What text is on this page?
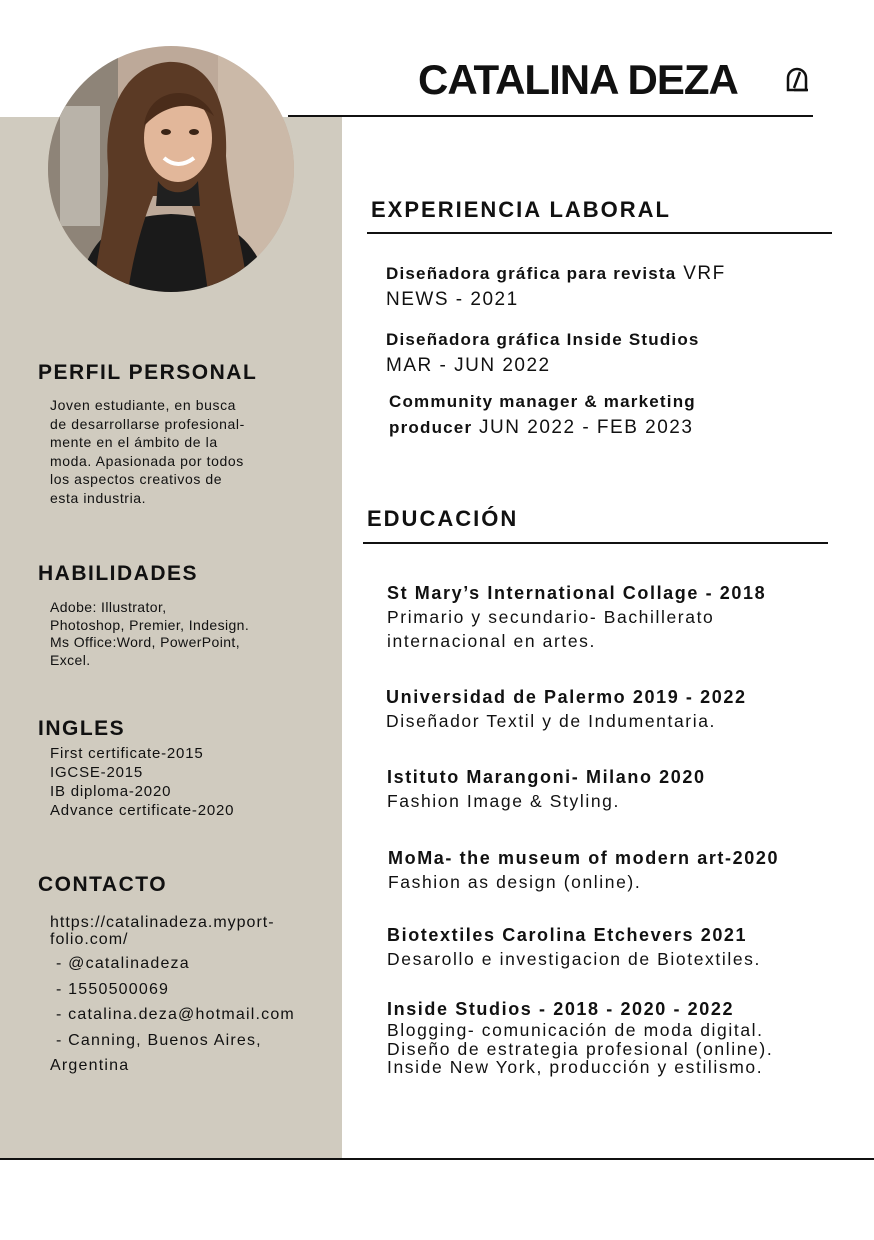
CATALINA DEZA
PERFIL PERSONAL
Joven estudiante, en busca
de desarrollarse profesional-
mente en el ámbito de la
moda. Apasionada por todos
los aspectos creativos de
esta industria.
HABILIDADES
Adobe: Illustrator,
Photoshop, Premier, Indesign.
Ms Office:Word, PowerPoint,
Excel.
INGLES
First certificate-2015
IGCSE-2015
IB diploma-2020
Advance certificate-2020
CONTACTO
https://catalinadeza.myport-
folio.com/
- @catalinadeza
- 1550500069
- catalina.deza@hotmail.com
- Canning, Buenos Aires,
Argentina
EXPERIENCIA LABORAL
Diseñadora gráfica para revista VRF
NEWS - 2021
Diseñadora gráfica Inside Studios
MAR - JUN 2022
Community manager & marketing
producer JUN 2022 - FEB 2023
EDUCACIÓN
St Mary’s International Collage - 2018
Primario y secundario- Bachillerato
internacional en artes.
Universidad de Palermo 2019 - 2022
Diseñador Textil y de Indumentaria.
Istituto Marangoni- Milano 2020
Fashion Image & Styling.
MoMa- the museum of modern art-2020
Fashion as design (online).
Biotextiles Carolina Etchevers 2021
Desarollo e investigacion de Biotextiles.
Inside Studios - 2018 - 2020 - 2022
Blogging- comunicación de moda digital.
Diseño de estrategia profesional (online).
Inside New York, producción y estilismo.
